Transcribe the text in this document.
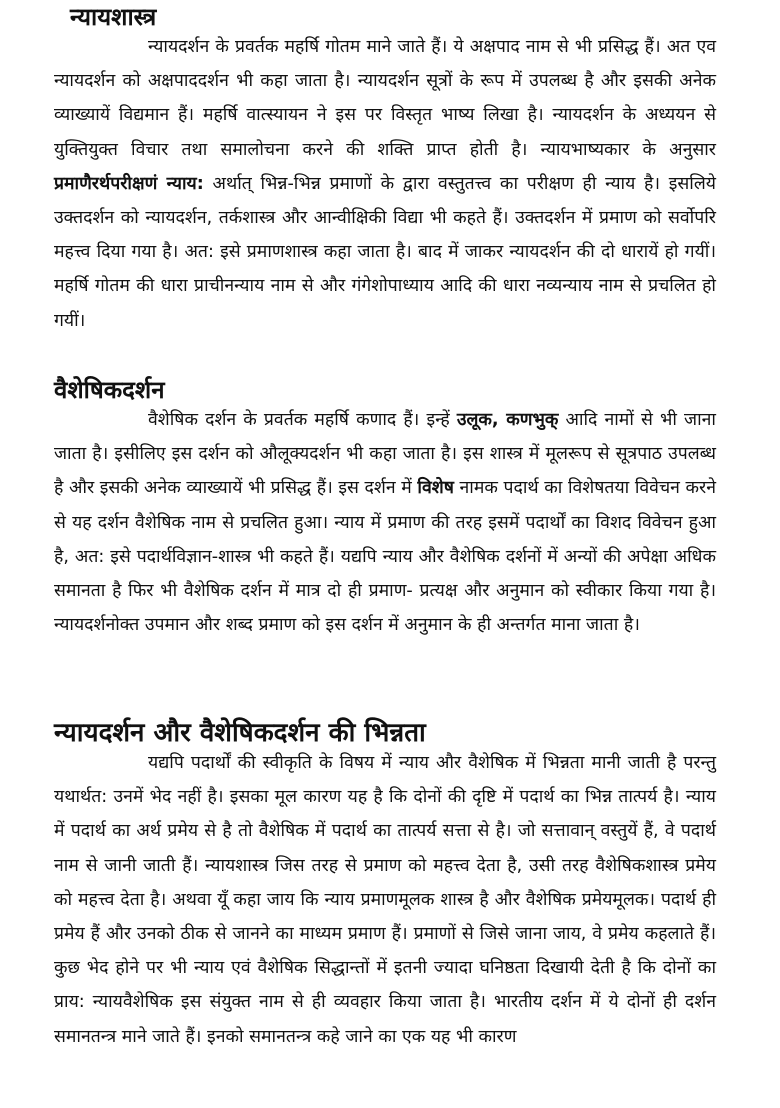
न्यायशास्त्र

न्यायदर्शन के प्रवर्तक महर्षि गोतम माने जाते हैं। ये अक्षपाद नाम से भी प्रसिद्ध हैं। अत एव न्यायदर्शन को अक्षपाददर्शन भी कहा जाता है। न्यायदर्शन सूत्रों के रूप में उपलब्ध है और इसकी अनेक व्याख्यायें विद्यमान हैं। महर्षि वात्स्यायन ने इस पर विस्तृत भाष्य लिखा है। न्यायदर्शन के अध्ययन से युक्तियुक्त विचार तथा समालोचना करने की शक्ति प्राप्त होती है। न्यायभाष्यकार के अनुसार प्रमाणैरर्थपरीक्षणं न्याय: अर्थात् भिन्न-भिन्न प्रमाणों के द्वारा वस्तुतत्त्व का परीक्षण ही न्याय है। इसलिये उक्तदर्शन को न्यायदर्शन, तर्कशास्त्र और आन्वीक्षिकी विद्या भी कहते हैं। उक्तदर्शन में प्रमाण को सर्वोपरि महत्त्व दिया गया है। अत: इसे प्रमाणशास्त्र कहा जाता है। बाद में जाकर न्यायदर्शन की दो धारायें हो गयीं। महर्षि गोतम की धारा प्राचीनन्याय नाम से और गंगेशोपाध्याय आदि की धारा नव्यन्याय नाम से प्रचलित हो गयीं।

वैशेषिकदर्शन

वैशेषिक दर्शन के प्रवर्तक महर्षि कणाद हैं। इन्हें उलूक, कणभुक् आदि नामों से भी जाना जाता है। इसीलिए इस दर्शन को औलूक्यदर्शन भी कहा जाता है। इस शास्त्र में मूलरूप से सूत्रपाठ उपलब्ध है और इसकी अनेक व्याख्यायें भी प्रसिद्ध हैं। इस दर्शन में विशेष नामक पदार्थ का विशेषतया विवेचन करने से यह दर्शन वैशेषिक नाम से प्रचलित हुआ। न्याय में प्रमाण की तरह इसमें पदार्थों का विशद विवेचन हुआ है, अत: इसे पदार्थविज्ञान-शास्त्र भी कहते हैं। यद्यपि न्याय और वैशेषिक दर्शनों में अन्यों की अपेक्षा अधिक समानता है फिर भी वैशेषिक दर्शन में मात्र दो ही प्रमाण- प्रत्यक्ष और अनुमान को स्वीकार किया गया है। न्यायदर्शनोक्त उपमान और शब्द प्रमाण को इस दर्शन में अनुमान के ही अन्तर्गत माना जाता है।

न्यायदर्शन और वैशेषिकदर्शन की भिन्नता

यद्यपि पदार्थों की स्वीकृति के विषय में न्याय और वैशेषिक में भिन्नता मानी जाती है परन्तु यथार्थत: उनमें भेद नहीं है। इसका मूल कारण यह है कि दोनों की दृष्टि में पदार्थ का भिन्न तात्पर्य है। न्याय में पदार्थ का अर्थ प्रमेय से है तो वैशेषिक में पदार्थ का तात्पर्य सत्ता से है। जो सत्तावान् वस्तुयें हैं, वे पदार्थ नाम से जानी जाती हैं। न्यायशास्त्र जिस तरह से प्रमाण को महत्त्व देता है, उसी तरह वैशेषिकशास्त्र प्रमेय को महत्त्व देता है। अथवा यूँ कहा जाय कि न्याय प्रमाणमूलक शास्त्र है और वैशेषिक प्रमेयमूलक। पदार्थ ही प्रमेय हैं और उनको ठीक से जानने का माध्यम प्रमाण हैं। प्रमाणों से जिसे जाना जाय, वे प्रमेय कहलाते हैं। कुछ भेद होने पर भी न्याय एवं वैशेषिक सिद्धान्तों में इतनी ज्यादा घनिष्ठता दिखायी देती है कि दोनों का प्राय: न्यायवैशेषिक इस संयुक्त नाम से ही व्यवहार किया जाता है। भारतीय दर्शन में ये दोनों ही दर्शन समानतन्त्र माने जाते हैं। इनको समानतन्त्र कहे जाने का एक यह भी कारण
